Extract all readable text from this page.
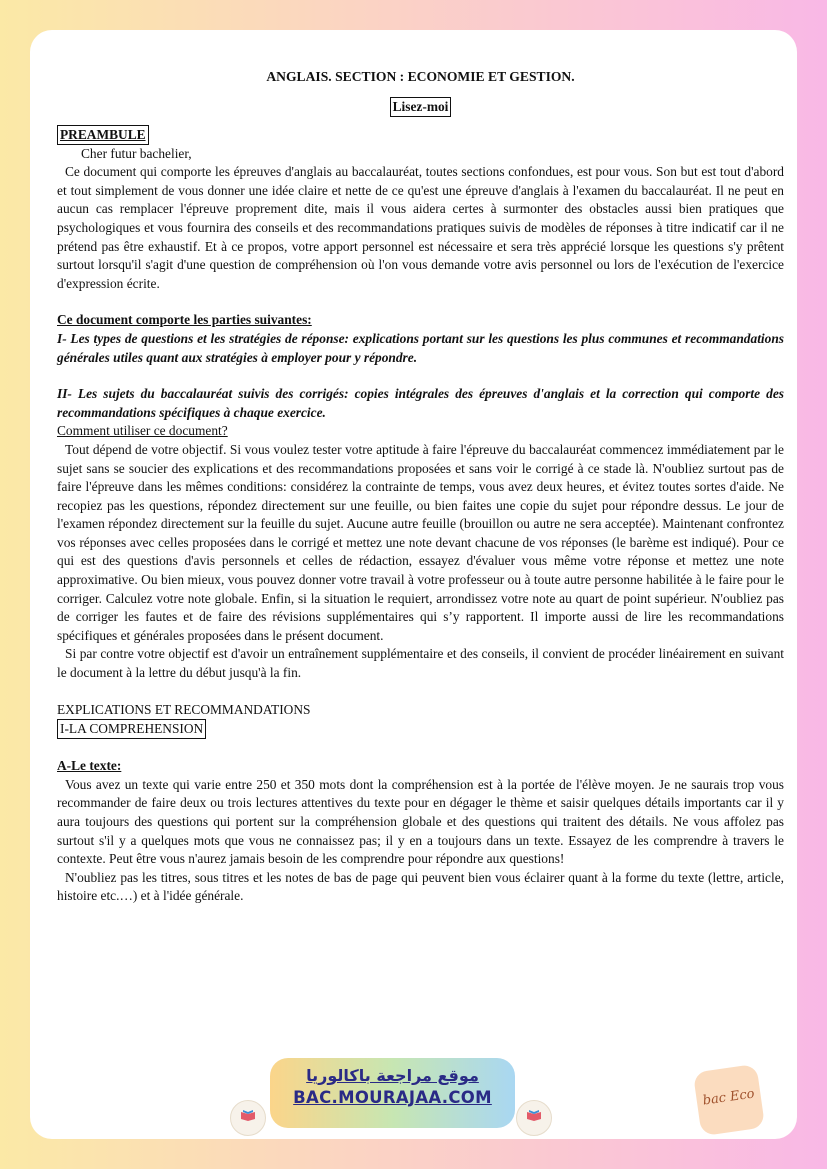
ANGLAIS. SECTION : ECONOMIE ET GESTION.
Lisez-moi
PREAMBULE

Cher futur bachelier,

Ce document qui comporte les épreuves d'anglais au baccalauréat, toutes sections confondues, est pour vous. Son but est tout d'abord et tout simplement de vous donner une idée claire et nette de ce qu'est une épreuve d'anglais à l'examen du baccalauréat. Il ne peut en aucun cas remplacer l'épreuve proprement dite, mais il vous aidera certes à surmonter des obstacles aussi bien pratiques que psychologiques et vous fournira des conseils et des recommandations pratiques suivis de modèles de réponses à titre indicatif car il ne prétend pas être exhaustif. Et à ce propos, votre apport personnel est nécessaire et sera très apprécié lorsque les questions s'y prêtent surtout lorsqu'il s'agit d'une question de compréhension où l'on vous demande votre avis personnel ou lors de l'exécution de l'exercice d'expression écrite.

Ce document comporte les parties suivantes:

I- Les types de questions et les stratégies de réponse: explications portant sur les questions les plus communes et recommandations générales utiles quant aux stratégies à employer pour y répondre.

II- Les sujets du baccalauréat suivis des corrigés: copies intégrales des épreuves d'anglais et la correction qui comporte des recommandations spécifiques à chaque exercice.

Comment utiliser ce document?

Tout dépend de votre objectif. Si vous voulez tester votre aptitude à faire l'épreuve du baccalauréat commencez immédiatement par le sujet sans se soucier des explications et des recommandations proposées et sans voir le corrigé à ce stade là. N'oubliez surtout pas de faire l'épreuve dans les mêmes conditions: considérez la contrainte de temps, vous avez deux heures, et évitez toutes sortes d'aide. Ne recopiez pas les questions, répondez directement sur une feuille, ou bien faites une copie du sujet pour répondre dessus. Le jour de l'examen répondez directement sur la feuille du sujet. Aucune autre feuille (brouillon ou autre ne sera acceptée). Maintenant confrontez vos réponses avec celles proposées dans le corrigé et mettez une note devant chacune de vos réponses (le barème est indiqué). Pour ce qui est des questions d'avis personnels et celles de rédaction, essayez d'évaluer vous même votre réponse et mettez une note approximative. Ou bien mieux, vous pouvez donner votre travail à votre professeur ou à toute autre personne habilitée à le faire pour le corriger. Calculez votre note globale. Enfin, si la situation le requiert, arrondissez votre note au quart de point supérieur. N'oubliez pas de corriger les fautes et de faire des révisions supplémentaires qui s’y rapportent. Il importe aussi de lire les recommandations spécifiques et générales proposées dans le présent document.

Si par contre votre objectif est d'avoir un entraînement supplémentaire et des conseils, il convient de procéder linéairement en suivant le document à la lettre du début jusqu'à la fin.

EXPLICATIONS ET RECOMMANDATIONS

I-LA COMPREHENSION

A-Le texte:

Vous avez un texte qui varie entre 250 et 350 mots dont la compréhension est à la portée de l'élève moyen. Je ne saurais trop vous recommander de faire deux ou trois lectures attentives du texte pour en dégager le thème et saisir quelques détails importants car il y aura toujours des questions qui portent sur la compréhension globale et des questions qui traitent des détails. Ne vous affolez pas surtout s'il y a quelques mots que vous ne connaissez pas; il y en a toujours dans un texte. Essayez de les comprendre à travers le contexte. Peut être vous n'aurez jamais besoin de les comprendre pour répondre aux questions!

N'oubliez pas les titres, sous titres et les notes de bas de page qui peuvent bien vous éclairer quant à la forme du texte (lettre, article, histoire etc.…) et à l'idée générale.

موقع مراجعة باكالوريا
BAC.MOURAJAA.COM	bac Eco
